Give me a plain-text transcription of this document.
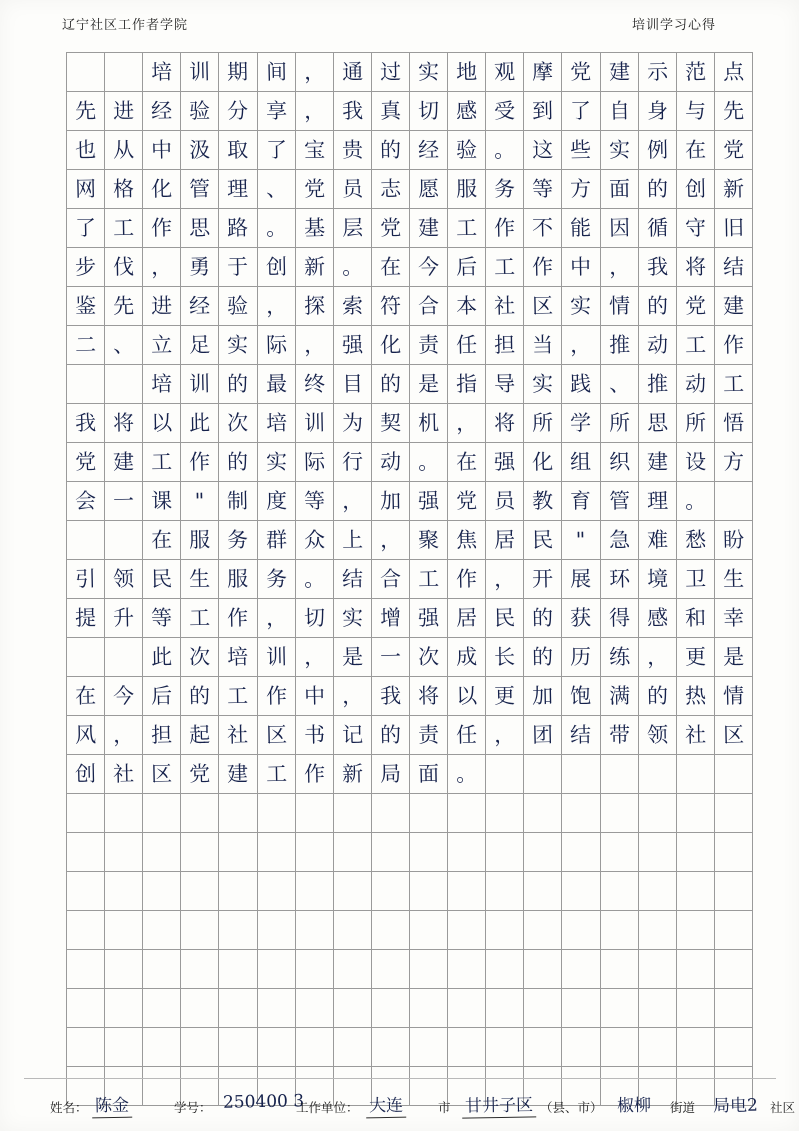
辽宁社区工作者学院	培训学习心得

		培	训	期	间	，	通	过	实	地	观	摩	党	建	示	范	点

先	进	经	验	分	享	，	我	真	切	感	受	到	了	自	身	与	先

也	从	中	汲	取	了	宝	贵	的	经	验	。	这	些	实	例	在	党

网	格	化	管	理	、	党	员	志	愿	服	务	等	方	面	的	创	新

了	工	作	思	路	。	基	层	党	建	工	作	不	能	因	循	守	旧

步	伐	，	勇	于	创	新	。	在	今	后	工	作	中	，	我	将	结

鉴	先	进	经	验	，	探	索	符	合	本	社	区	实	情	的	党	建

二	、	立	足	实	际	，	强	化	责	任	担	当	，	推	动	工	作

		培	训	的	最	终	目	的	是	指	导	实	践	、	推	动	工

我	将	以	此	次	培	训	为	契	机	，	将	所	学	所	思	所	悟

党	建	工	作	的	实	际	行	动	。	在	强	化	组	织	建	设	方

会	一	课	"	制	度	等	，	加	强	党	员	教	育	管	理	。	

		在	服	务	群	众	上	，	聚	焦	居	民	"	急	难	愁	盼

引	领	民	生	服	务	。	结	合	工	作	，	开	展	环	境	卫	生

提	升	等	工	作	，	切	实	增	强	居	民	的	获	得	感	和	幸

		此	次	培	训	，	是	一	次	成	长	的	历	练	，	更	是

在	今	后	的	工	作	中	，	我	将	以	更	加	饱	满	的	热	情

风	，	担	起	社	区	书	记	的	责	任	，	团	结	带	领	社	区

创	社	区	党	建	工	作	新	局	面	。							

姓名： 陈金	学号： 250400 3
工作单位： 大连	市 甘井子区 （县、市） 椒柳 街道 局电2 社区
